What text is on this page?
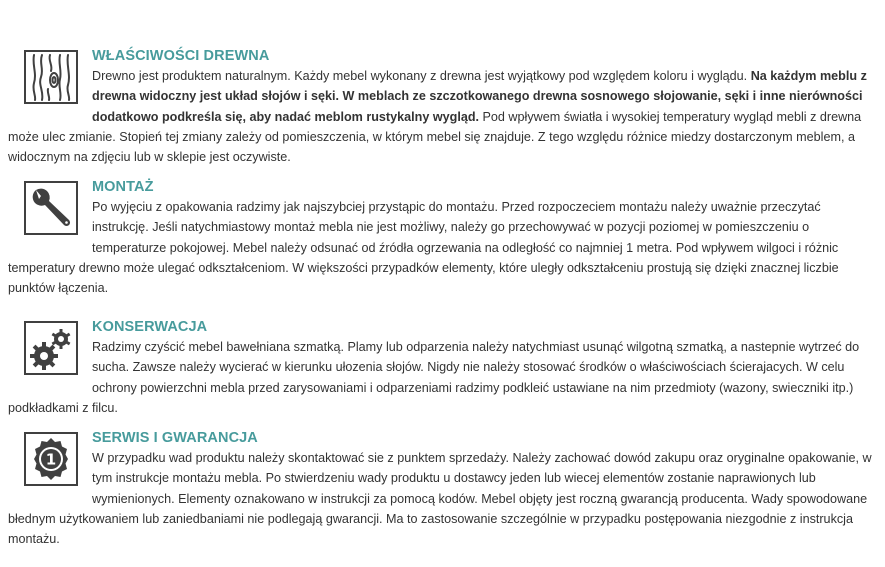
WŁAŚCIWOŚCI DREWNA

Drewno jest produktem naturalnym. Każdy mebel wykonany z drewna jest wyjątkowy pod względem koloru i wyglądu. Na każdym meblu z drewna widoczny jest układ słojów i sęki. W meblach ze szczotkowanego drewna sosnowego słojowanie, sęki i inne nierówności dodatkowo podkreśla się, aby nadać meblom rustykalny wygląd. Pod wpływem światła i wysokiej temperatury wygląd mebli z drewna może ulec zmianie. Stopień tej zmiany zależy od pomieszczenia, w którym mebel się znajduje. Z tego względu różnice miedzy dostarczonym meblem, a widocznym na zdjęciu lub w sklepie jest oczywiste.

MONTAŻ

Po wyjęciu z opakowania radzimy jak najszybciej przystąpic do montażu. Przed rozpoczeciem montażu należy uważnie przeczytać instrukcję. Jeśli natychmiastowy montaż mebla nie jest możliwy, należy go przechowywać w pozycji poziomej w pomieszczeniu o temperaturze pokojowej. Mebel należy odsunać od źródła ogrzewania na odległość co najmniej 1 metra. Pod wpływem wilgoci i różnic temperatury drewno może ulegać odkształceniom. W większości przypadków elementy, które uległy odkształceniu prostują się dzięki znacznej liczbie punktów łączenia.

KONSERWACJA

Radzimy czyścić mebel bawełniana szmatką. Plamy lub odparzenia należy natychmiast usunąć wilgotną szmatką, a nastepnie wytrzeć do sucha. Zawsze należy wycierać w kierunku ułozenia słojów. Nigdy nie należy stosować środków o właściwościach ścierajacych. W celu ochrony powierzchni mebla przed zarysowaniami i odparzeniami radzimy podkleić ustawiane na nim przedmioty (wazony, swieczniki itp.) podkładkami z filcu.

1
SERWIS I GWARANCJA

W przypadku wad produktu należy skontaktować sie z punktem sprzedaży. Należy zachować dowód zakupu oraz oryginalne opakowanie, w tym instrukcje montażu mebla. Po stwierdzeniu wady produktu u dostawcy jeden lub wiecej elementów zostanie naprawionych lub wymienionych. Elementy oznakowano w instrukcji za pomocą kodów. Mebel objęty jest roczną gwarancją producenta. Wady spowodowane błednym użytkowaniem lub zaniedbaniami nie podlegają gwarancji. Ma to zastosowanie szczególnie w przypadku postępowania niezgodnie z instrukcja montażu.
